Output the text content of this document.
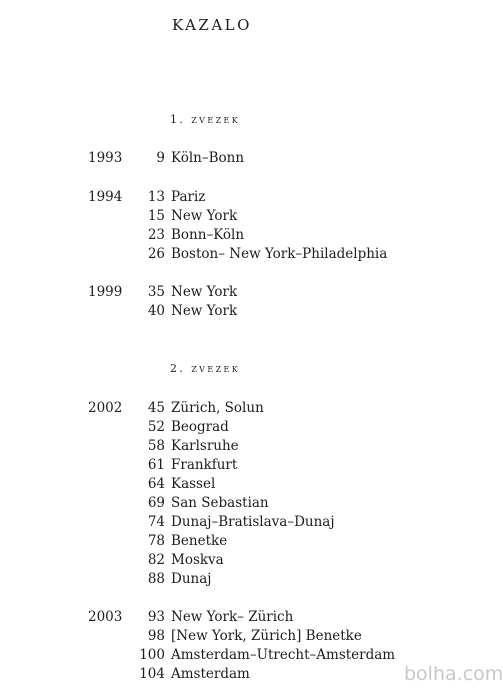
KAZALO
1. zvezek
1993	9 Köln–Bonn
1994 13 Pariz
15 New York
23 Bonn–Köln
26 Boston– New York–Philadelphia
1999 35 New York
40 New York
2. zvezek
2002 45 Zürich, Solun
52 Beograd
58 Karlsruhe
61 Frankfurt
64 Kassel
69 San Sebastian
74 Dunaj–Bratislava–Dunaj
78 Benetke
82 Moskva
88 Dunaj
2003 93 New York– Zürich
98 [New York, Zürich] Benetke
100 Amsterdam–Utrecht–Amsterdam
104 Amsterdam	bolha.com
